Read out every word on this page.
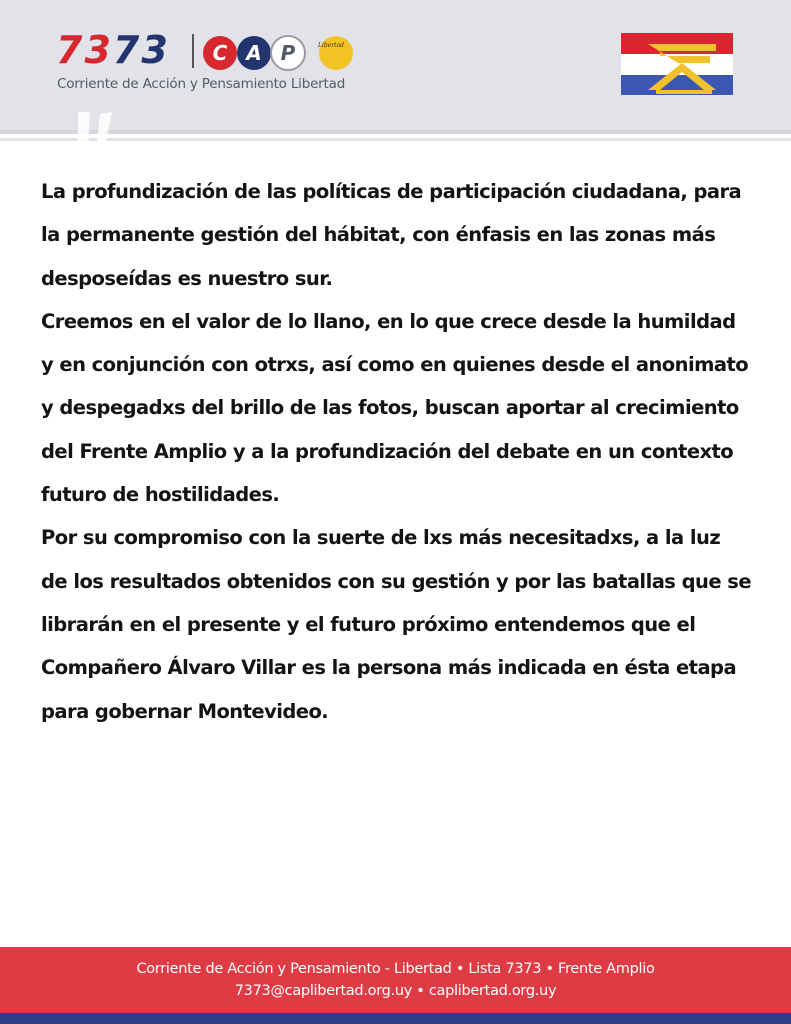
7373 C A P	Libertad
Corriente de Acción y Pensamiento Libertad

La profundización de las políticas de participación ciudadana, para la permanente gestión del hábitat, con énfasis en las zonas más desposeídas es nuestro sur.

Creemos en el valor de lo llano, en lo que crece desde la humildad y en conjunción con otrxs, así como en quienes desde el anonimato y despegadxs del brillo de las fotos, buscan aportar al crecimiento del Frente Amplio y a la profundización del debate en un contexto futuro de hostilidades.

Por su compromiso con la suerte de lxs más necesitadxs, a la luz de los resultados obtenidos con su gestión y por las batallas que se librarán en el presente y el futuro próximo entendemos que el Compañero Álvaro Villar es la persona más indicada en ésta etapa para gobernar Montevideo.

Corriente de Acción y Pensamiento - Libertad • Lista 7373 • Frente Amplio
7373@caplibertad.org.uy • caplibertad.org.uy
